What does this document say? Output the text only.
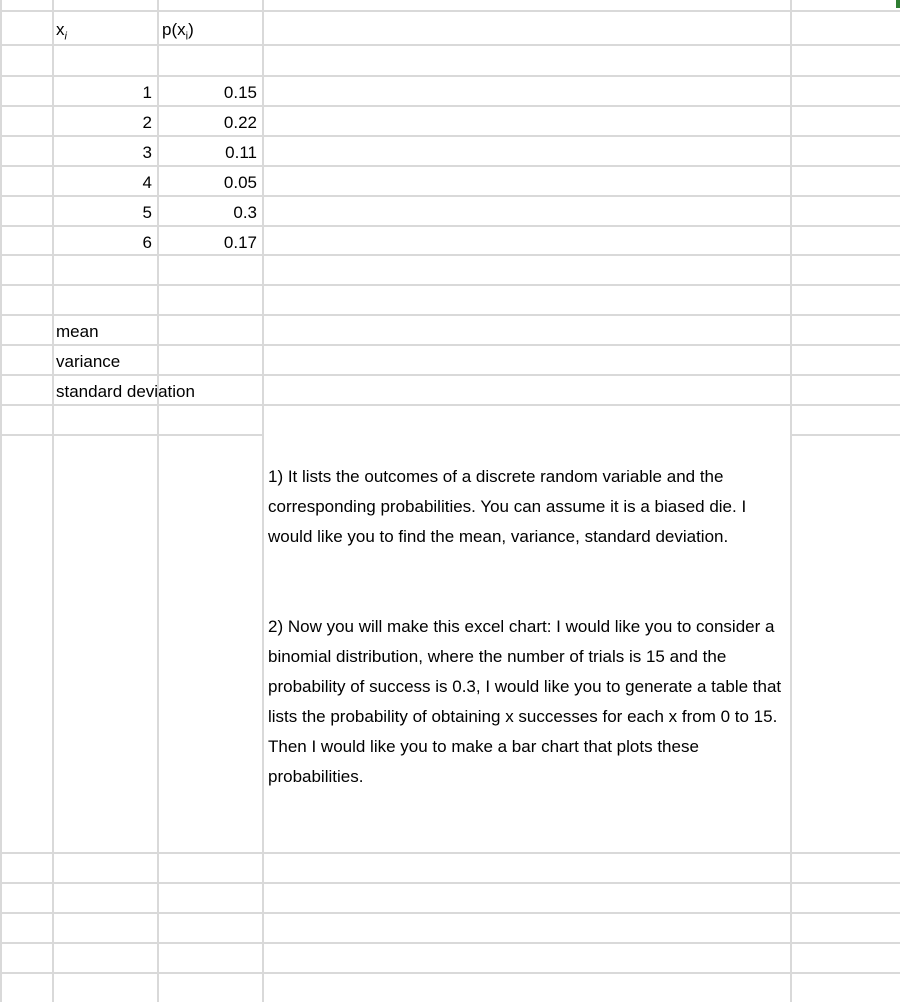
$x_i$	$p(x_i)$
1	0.15
2	0.22
3	0.11
4	0.05
5	0.3
6	0.17
mean
variance
standard deviation
1) It lists the outcomes of a discrete random variable and the corresponding probabilities. You can assume it is a biased die. I would like you to find the mean, variance, standard deviation.
2) Now you will make this excel chart: I would like you to consider a binomial distribution, where the number of trials is 15 and the probability of success is 0.3, I would like you to generate a table that lists the probability of obtaining x successes for each x from 0 to 15. Then I would like you to make a bar chart that plots these probabilities.
